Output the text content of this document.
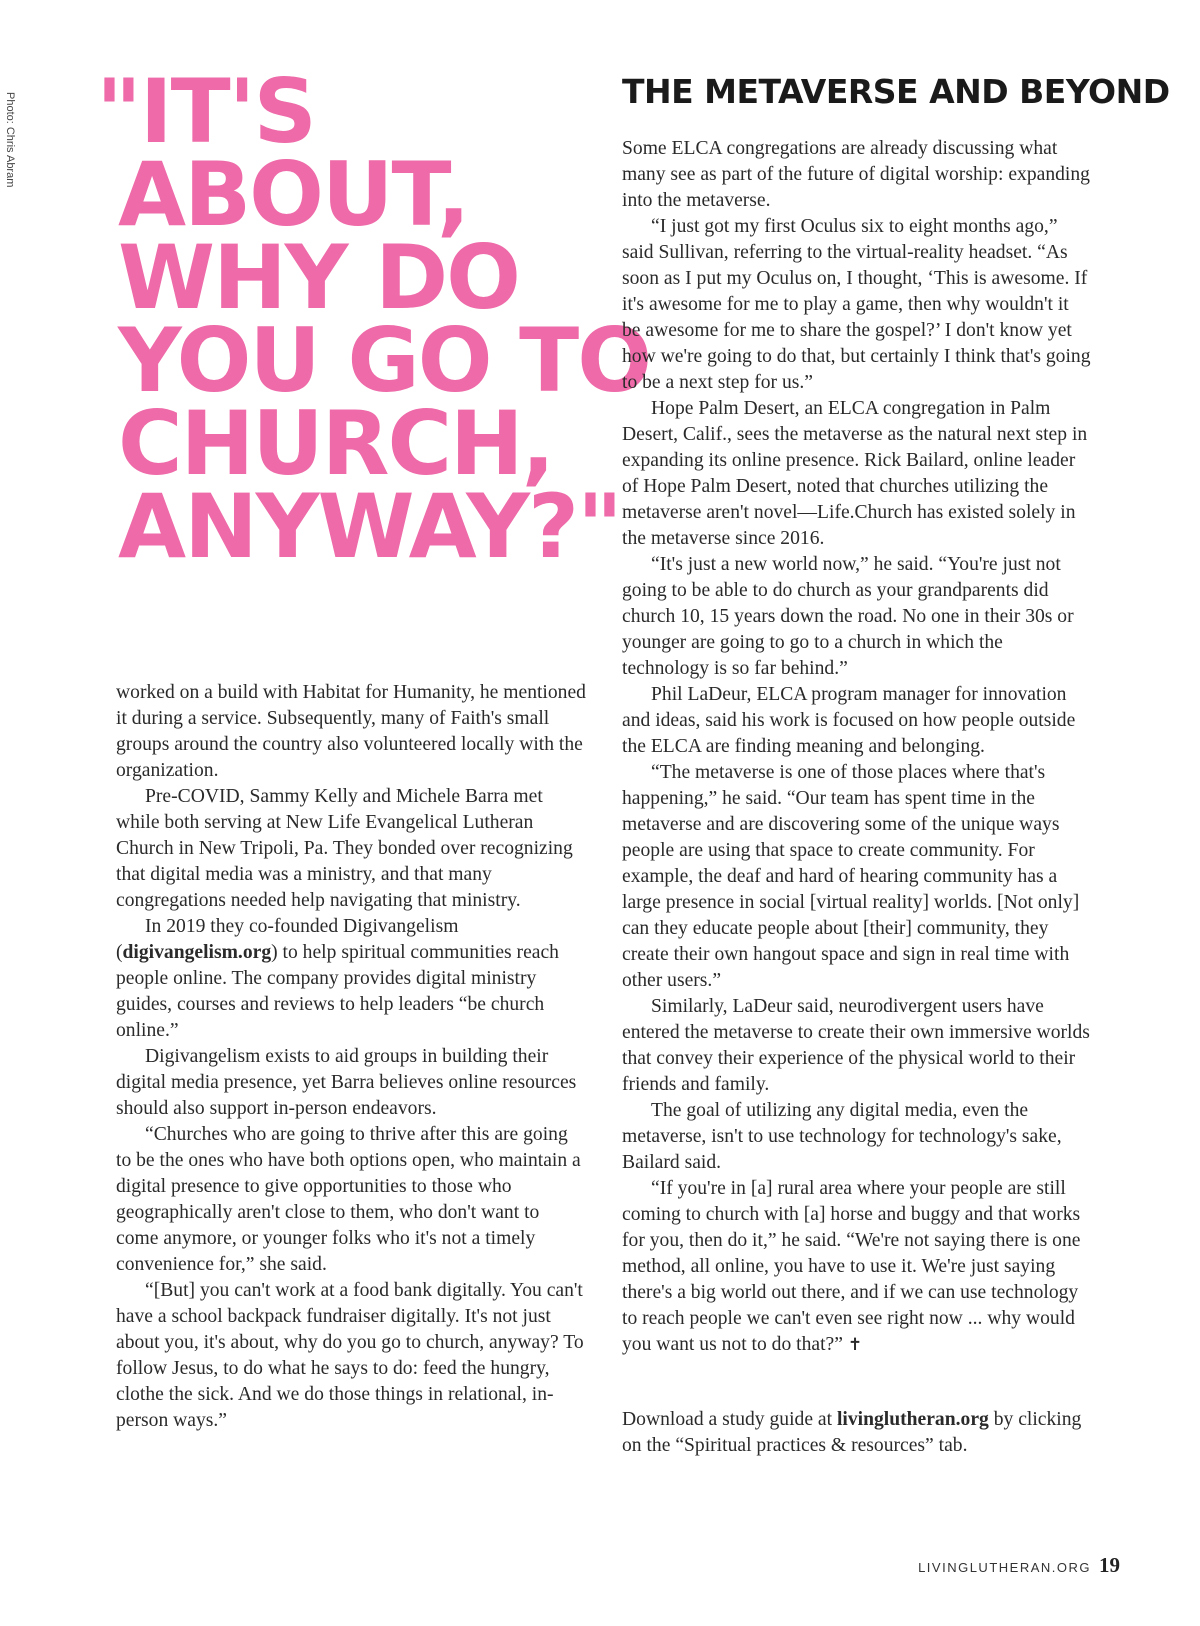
Photo: Chris Abram "IT'S
ABOUT,
WHY DO
YOU GO TO
CHURCH,
ANYWAY?"

worked on a build with Habitat for Humanity, he mentioned it during a service. Subsequently, many of Faith's small groups around the country also volunteered locally with the organization.

Pre-COVID, Sammy Kelly and Michele Barra met while both serving at New Life Evangelical Lutheran Church in New Tripoli, Pa. They bonded over recognizing that digital media was a ministry, and that many congregations needed help navigating that ministry.

In 2019 they co-founded Digivangelism (digivangelism.org) to help spiritual communities reach people online. The company provides digital ministry guides, courses and reviews to help leaders “be church online.”

Digivangelism exists to aid groups in building their digital media presence, yet Barra believes online resources should also support in-person endeavors.

“Churches who are going to thrive after this are going to be the ones who have both options open, who maintain a digital presence to give opportunities to those who geographically aren't close to them, who don't want to come anymore, or younger folks who it's not a timely convenience for,” she said.

“[But] you can't work at a food bank digitally. You can't have a school backpack fundraiser digitally. It's not just about you, it's about, why do you go to church, anyway? To follow Jesus, to do what he says to do: feed the hungry, clothe the sick. And we do those things in relational, in-person ways.”

THE METAVERSE AND BEYOND

Some ELCA congregations are already discussing what many see as part of the future of digital worship: expanding into the metaverse.

“I just got my first Oculus six to eight months ago,” said Sullivan, referring to the virtual-reality headset. “As soon as I put my Oculus on, I thought, ‘This is awesome. If it's awesome for me to play a game, then why wouldn't it be awesome for me to share the gospel?’ I don't know yet how we're going to do that, but certainly I think that's going to be a next step for us.”

Hope Palm Desert, an ELCA congregation in Palm Desert, Calif., sees the metaverse as the natural next step in expanding its online presence. Rick Bailard, online leader of Hope Palm Desert, noted that churches utilizing the metaverse aren't novel—Life.Church has existed solely in the metaverse since 2016.

“It's just a new world now,” he said. “You're just not going to be able to do church as your grandparents did church 10, 15 years down the road. No one in their 30s or younger are going to go to a church in which the technology is so far behind.”

Phil LaDeur, ELCA program manager for innovation and ideas, said his work is focused on how people outside the ELCA are finding meaning and belonging.

“The metaverse is one of those places where that's happening,” he said. “Our team has spent time in the metaverse and are discovering some of the unique ways people are using that space to create community. For example, the deaf and hard of hearing community has a large presence in social [virtual reality] worlds. [Not only] can they educate people about [their] community, they create their own hangout space and sign in real time with other users.”

Similarly, LaDeur said, neurodivergent users have entered the metaverse to create their own immersive worlds that convey their experience of the physical world to their friends and family.

The goal of utilizing any digital media, even the metaverse, isn't to use technology for technology's sake, Bailard said.

“If you're in [a] rural area where your people are still coming to church with [a] horse and buggy and that works for you, then do it,” he said. “We're not saying there is one method, all online, you have to use it. We're just saying there's a big world out there, and if we can use technology to reach people we can't even see right now ... why would you want us not to do that?” ✝

Download a study guide at livinglutheran.org by clicking on the “Spiritual practices & resources” tab.

LIVINGLUTHERAN.ORG 19
